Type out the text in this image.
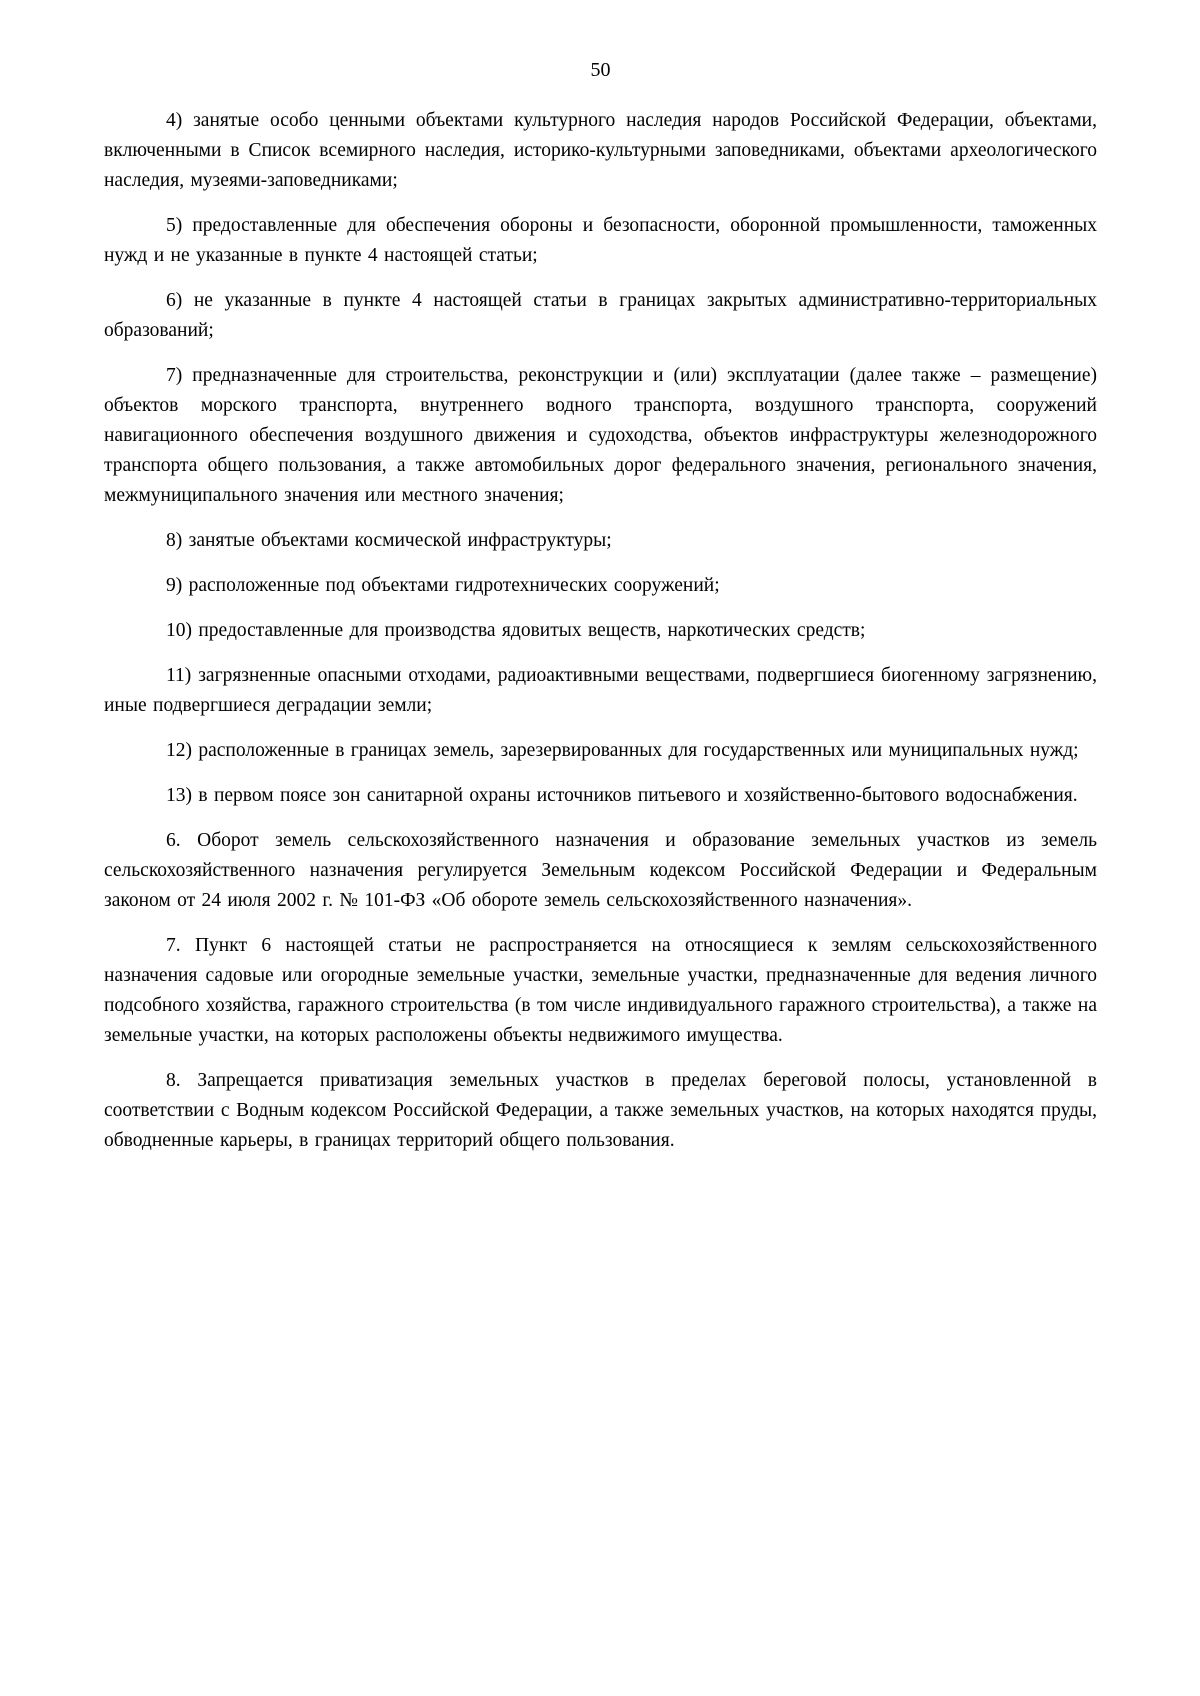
50

4) занятые особо ценными объектами культурного наследия народов Российской Федерации, объектами, включенными в Список всемирного наследия, историко-культурными заповедниками, объектами археологического наследия, музеями-заповедниками;

5) предоставленные для обеспечения обороны и безопасности, оборонной промышленности, таможенных нужд и не указанные в пункте 4 настоящей статьи;

6) не указанные в пункте 4 настоящей статьи в границах закрытых административно-территориальных образований;

7) предназначенные для строительства, реконструкции и (или) эксплуатации (далее также – размещение) объектов морского транспорта, внутреннего водного транспорта, воздушного транспорта, сооружений навигационного обеспечения воздушного движения и судоходства, объектов инфраструктуры железнодорожного транспорта общего пользования, а также автомобильных дорог федерального значения, регионального значения, межмуниципального значения или местного значения;

8) занятые объектами космической инфраструктуры;

9) расположенные под объектами гидротехнических сооружений;

10) предоставленные для производства ядовитых веществ, наркотических средств;

11) загрязненные опасными отходами, радиоактивными веществами, подвергшиеся биогенному загрязнению, иные подвергшиеся деградации земли;

12) расположенные в границах земель, зарезервированных для государственных или муниципальных нужд;

13) в первом поясе зон санитарной охраны источников питьевого и хозяйственно-бытового водоснабжения.

6. Оборот земель сельскохозяйственного назначения и образование земельных участков из земель сельскохозяйственного назначения регулируется Земельным кодексом Российской Федерации и Федеральным законом от 24 июля 2002 г. № 101-ФЗ «Об обороте земель сельскохозяйственного назначения».

7. Пункт 6 настоящей статьи не распространяется на относящиеся к землям сельскохозяйственного назначения садовые или огородные земельные участки, земельные участки, предназначенные для ведения личного подсобного хозяйства, гаражного строительства (в том числе индивидуального гаражного строительства), а также на земельные участки, на которых расположены объекты недвижимого имущества.

8. Запрещается приватизация земельных участков в пределах береговой полосы, установленной в соответствии с Водным кодексом Российской Федерации, а также земельных участков, на которых находятся пруды, обводненные карьеры, в границах территорий общего пользования.
